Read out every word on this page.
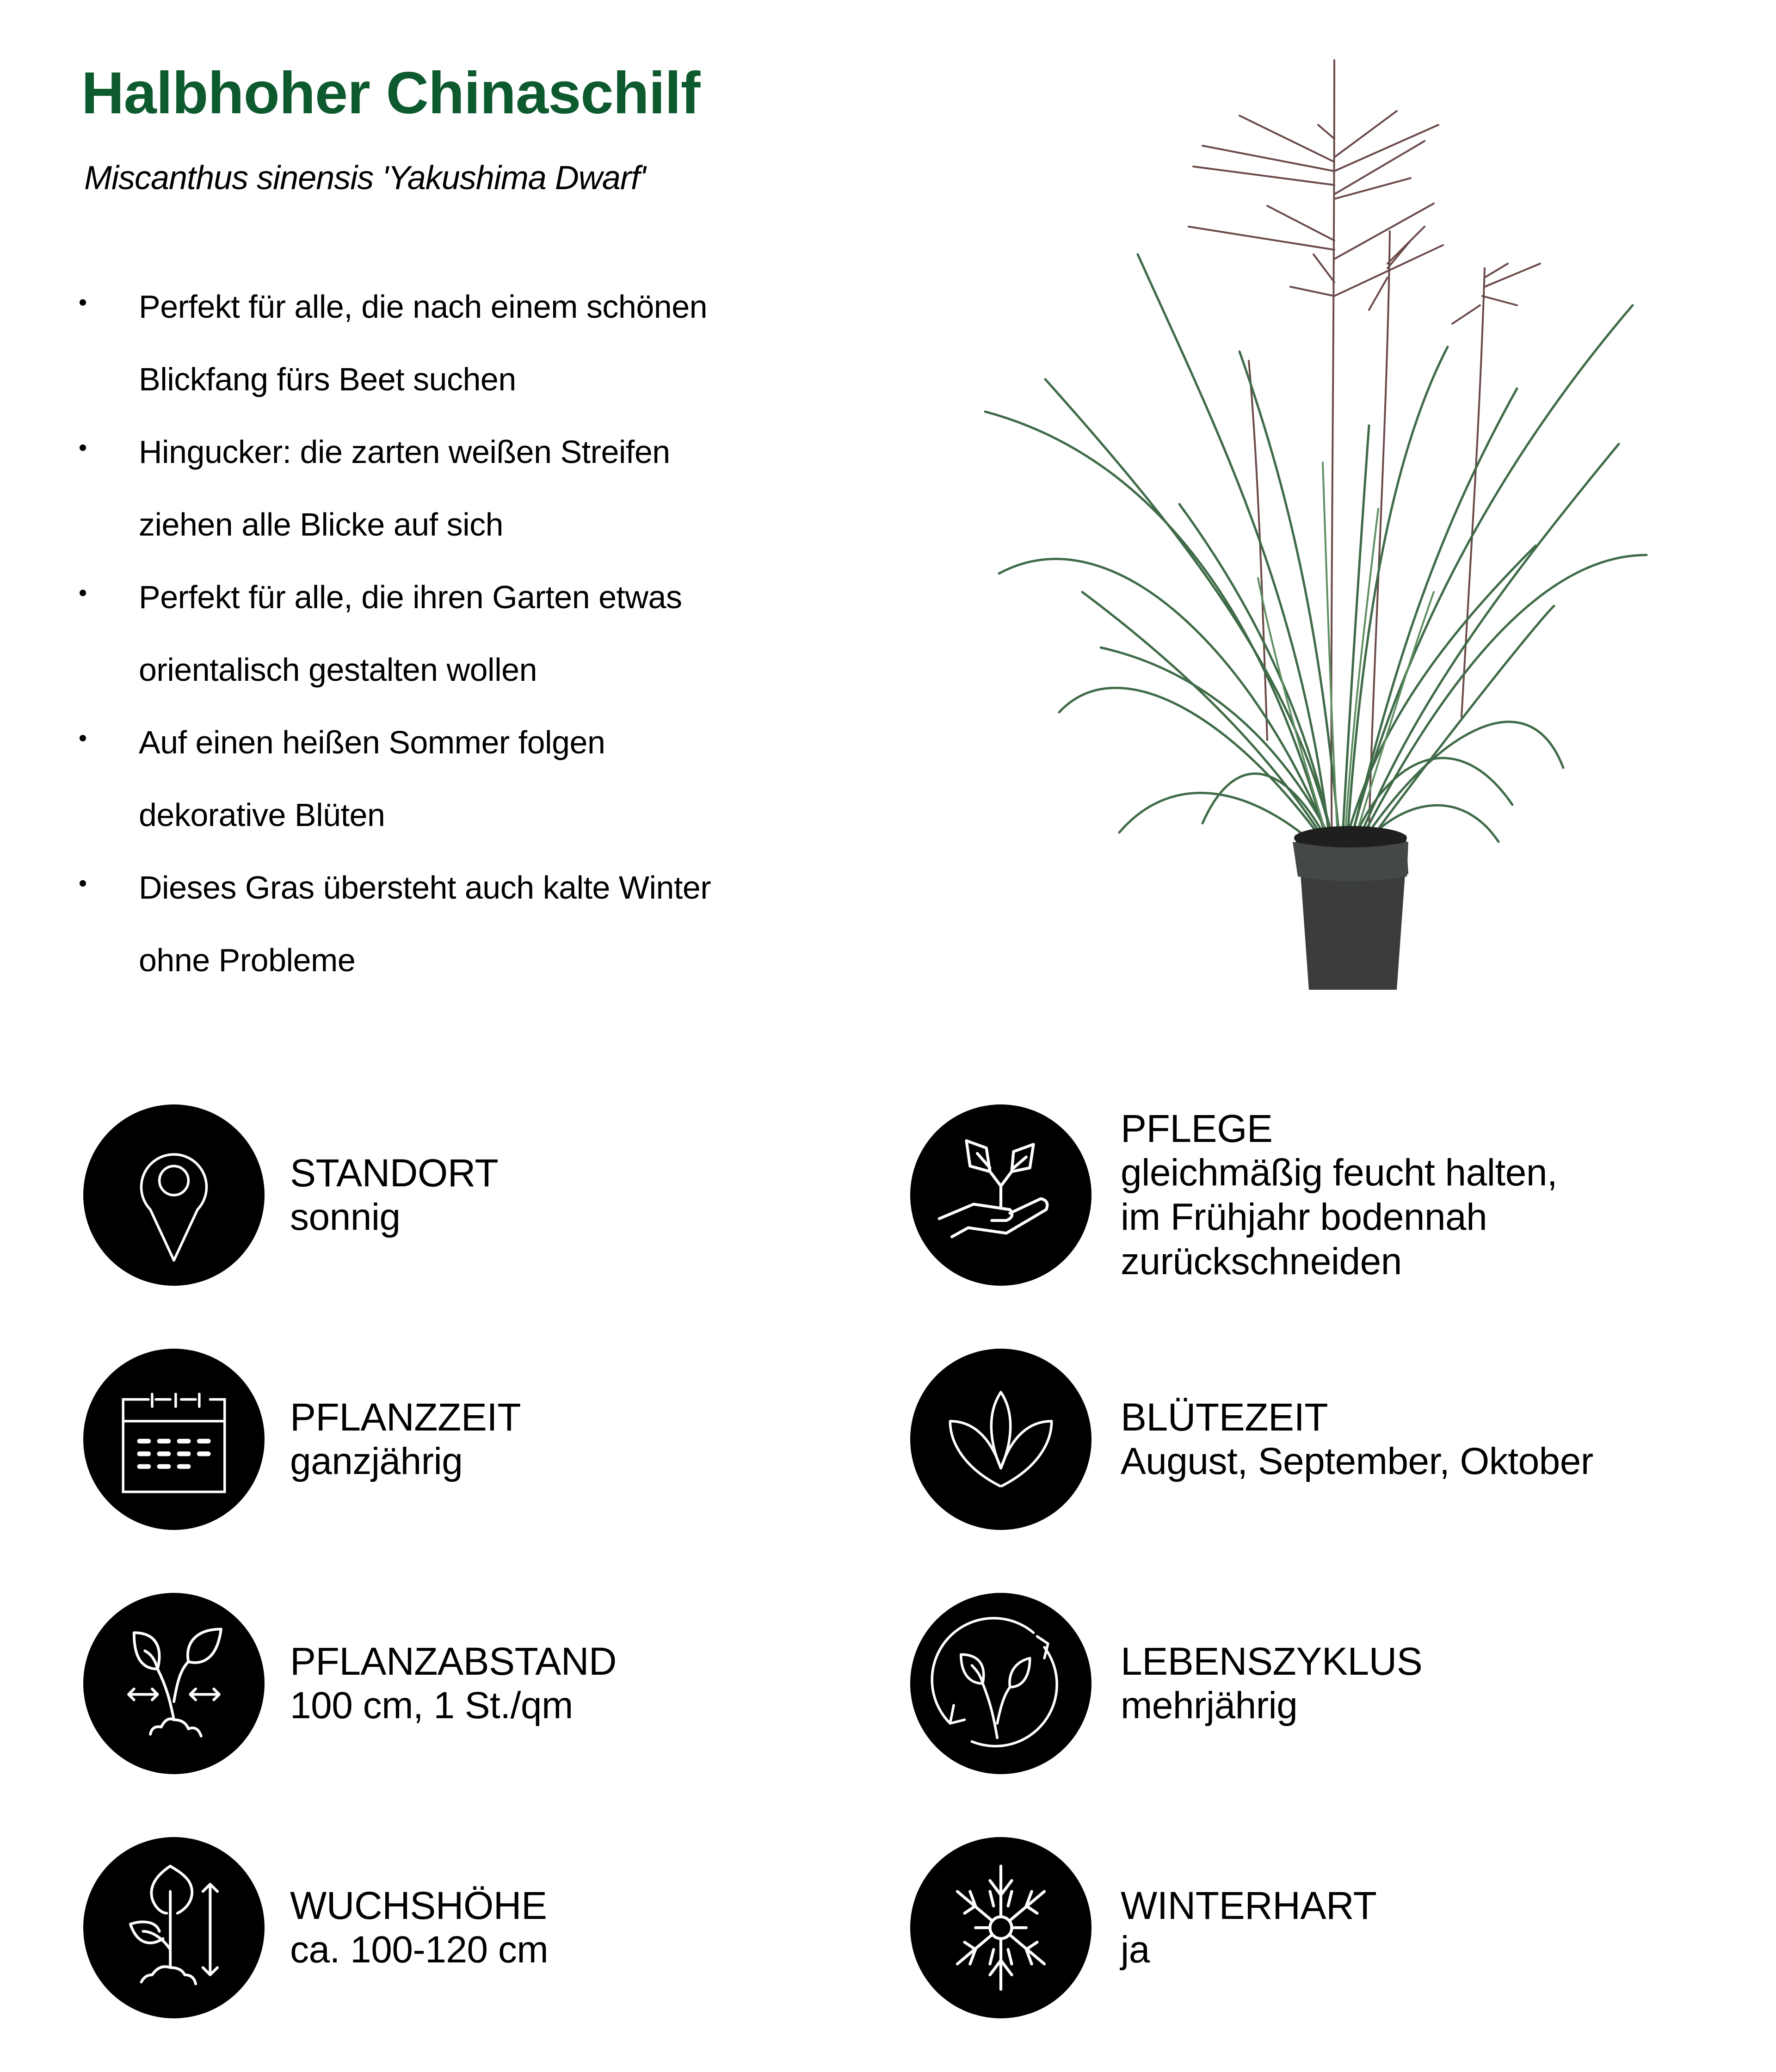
Halbhoher Chinaschilf
Miscanthus sinensis 'Yakushima Dwarf'
Perfekt für alle, die nach einem schönen
Blickfang fürs Beet suchen
Hingucker: die zarten weißen Streifen
ziehen alle Blicke auf sich
Perfekt für alle, die ihren Garten etwas
orientalisch gestalten wollen
Auf einen heißen Sommer folgen
dekorative Blüten
Dieses Gras übersteht auch kalte Winter
ohne Probleme
STANDORT
sonnig
PFLEGE
gleichmäßig feucht halten,
im Frühjahr bodennah
zurückschneiden
PFLANZZEIT
ganzjährig
BLÜTEZEIT
August, September, Oktober
PFLANZABSTAND
100 cm, 1 St./qm
LEBENSZYKLUS
mehrjährig
WUCHSHÖHE
ca. 100-120 cm
WINTERHART
ja
